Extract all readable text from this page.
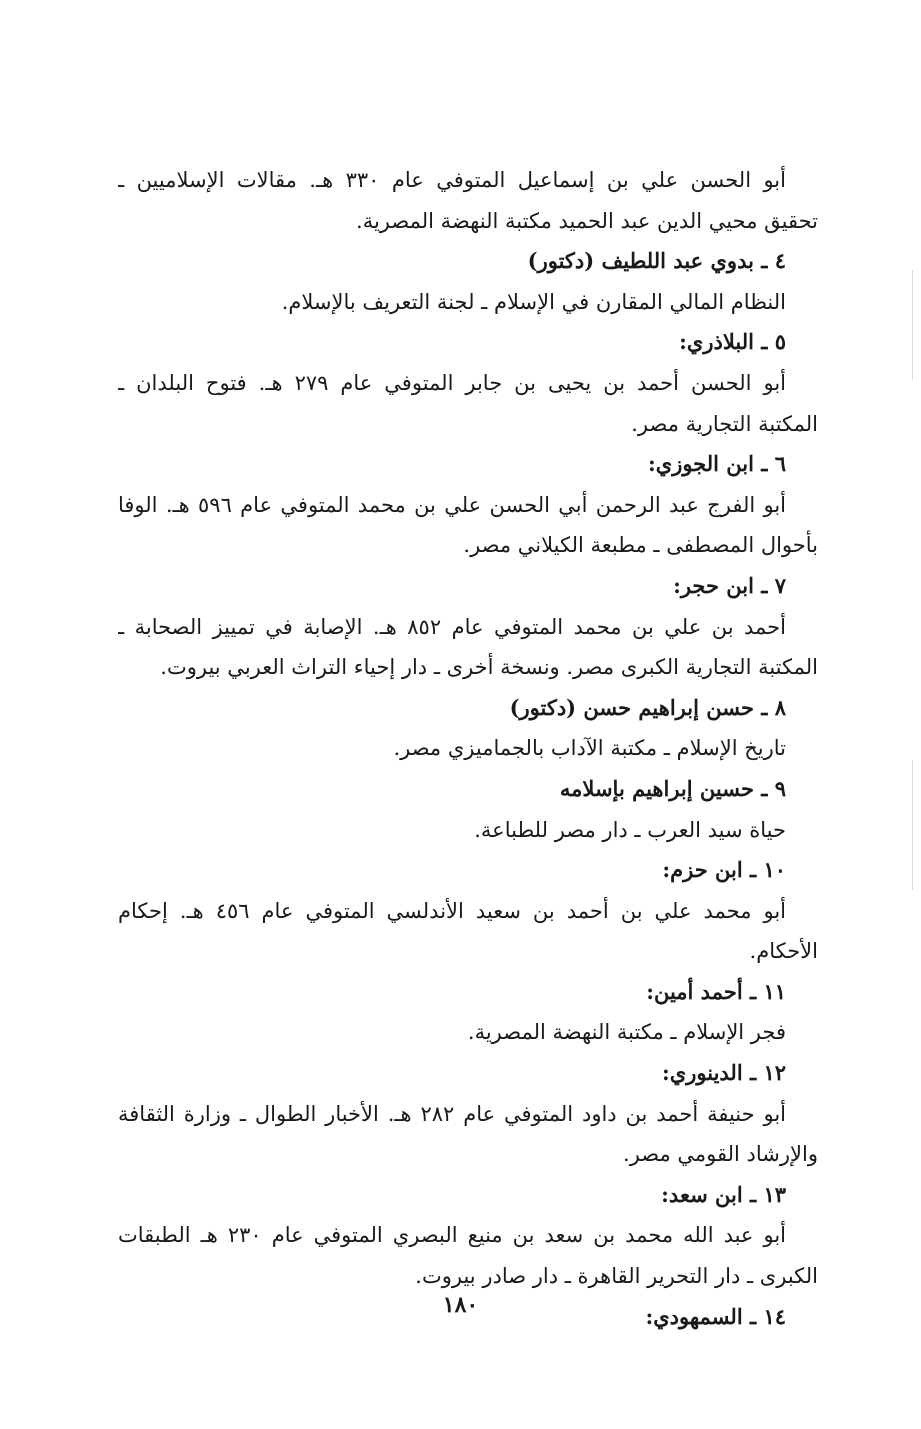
أبو الحسن علي بن إسماعيل المتوفي عام ٣٣٠ هـ. مقالات الإسلاميين ـ
تحقيق محيي الدين عبد الحميد مكتبة النهضة المصرية.
٤ ـ بدوي عبد اللطيف (دكتور)
النظام المالي المقارن في الإسلام ـ لجنة التعريف بالإسلام.
٥ ـ البلاذري:
أبو الحسن أحمد بن يحيى بن جابر المتوفي عام ٢٧٩ هـ. فتوح البلدان ـ
المكتبة التجارية مصر.
٦ ـ ابن الجوزي:
أبو الفرج عبد الرحمن أبي الحسن علي بن محمد المتوفي عام ٥٩٦ هـ. الوفا
بأحوال المصطفى ـ مطبعة الكيلاني مصر.
٧ ـ ابن حجر:
أحمد بن علي بن محمد المتوفي عام ٨٥٢ هـ. الإصابة في تمييز الصحابة ـ
المكتبة التجارية الكبرى مصر. ونسخة أخرى ـ دار إحياء التراث العربي بيروت.
٨ ـ حسن إبراهيم حسن (دكتور)
تاريخ الإسلام ـ مكتبة الآداب بالجماميزي مصر.
٩ ـ حسين إبراهيم بإسلامه
حياة سيد العرب ـ دار مصر للطباعة.
١٠ ـ ابن حزم:
أبو محمد علي بن أحمد بن سعيد الأندلسي المتوفي عام ٤٥٦ هـ. إحكام
الأحكام.
١١ ـ أحمد أمين:
فجر الإسلام ـ مكتبة النهضة المصرية.
١٢ ـ الدينوري:
أبو حنيفة أحمد بن داود المتوفي عام ٢٨٢ هـ. الأخبار الطوال ـ وزارة الثقافة
والإرشاد القومي مصر.
١٣ ـ ابن سعد:
أبو عبد الله محمد بن سعد بن منيع البصري المتوفي عام ٢٣٠ هـ الطبقات
الكبرى ـ دار التحرير القاهرة ـ دار صادر بيروت.
١٤ ـ السمهودي:
١٨٠
